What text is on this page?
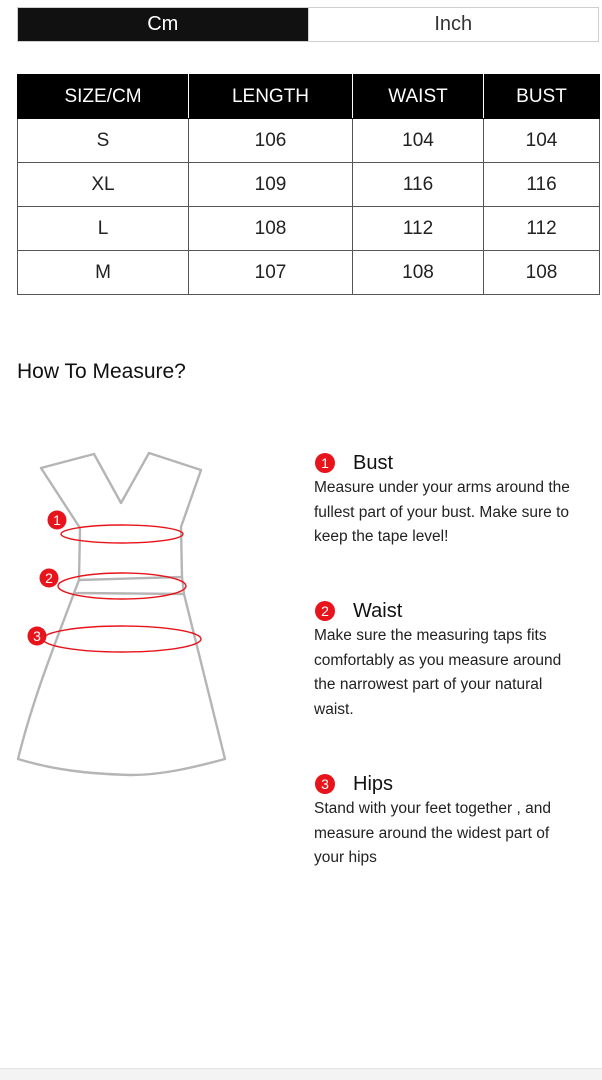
Cm	Inch
SIZE/CM	LENGTH	WAIST	BUST
S	106	104	104
XL	109	116	116
L	108	112	112
M	107	108	108
How To Measure?
1
2
3
1	Bust
Measure under your arms around the
fullest part of your bust. Make sure to
keep the tape level!
2	Waist
Make sure the measuring taps fits
comfortably as you measure around
the narrowest part of your natural
waist.
3	Hips
Stand with your feet together , and
measure around the widest part of
your hips
